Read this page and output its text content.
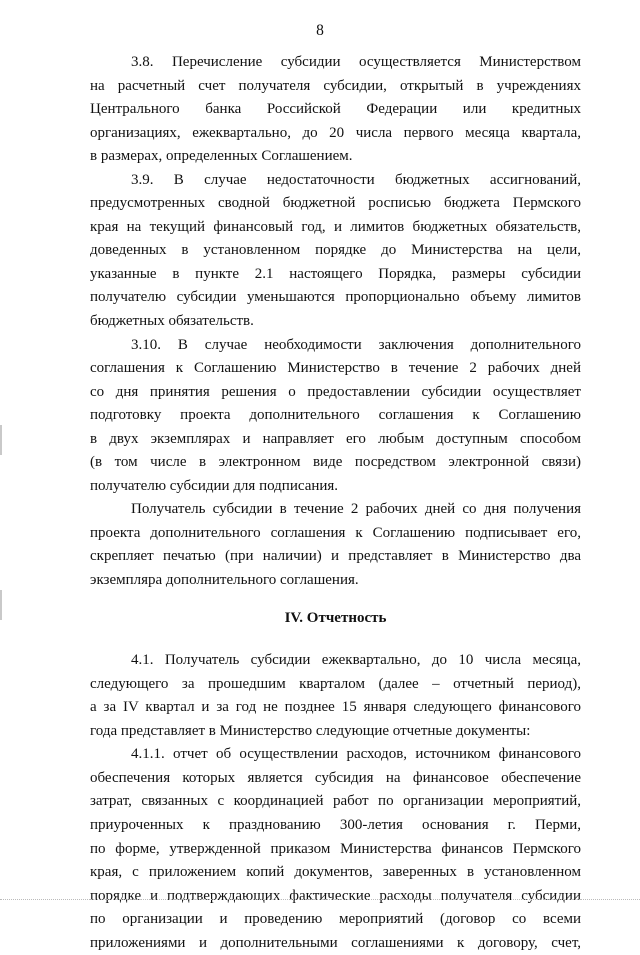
8
3.8. Перечисление субсидии осуществляется Министерством
на расчетный счет получателя субсидии, открытый в учреждениях
Центрального банка Российской Федерации или кредитных
организациях, ежеквартально, до 20 числа первого месяца квартала,
в размерах, определенных Соглашением.
3.9. В случае недостаточности бюджетных ассигнований,
предусмотренных сводной бюджетной росписью бюджета Пермского
края на текущий финансовый год, и лимитов бюджетных обязательств,
доведенных в установленном порядке до Министерства на цели,
указанные в пункте 2.1 настоящего Порядка, размеры субсидии
получателю субсидии уменьшаются пропорционально объему лимитов
бюджетных обязательств.
3.10. В случае необходимости заключения дополнительного
соглашения к Соглашению Министерство в течение 2 рабочих дней
со дня принятия решения о предоставлении субсидии осуществляет
подготовку проекта дополнительного соглашения к Соглашению
в двух экземплярах и направляет его любым доступным способом
(в том числе в электронном виде посредством электронной связи)
получателю субсидии для подписания.
Получатель субсидии в течение 2 рабочих дней со дня получения
проекта дополнительного соглашения к Соглашению подписывает его,
скрепляет печатью (при наличии) и представляет в Министерство два
экземпляра дополнительного соглашения.
IV. Отчетность
4.1. Получатель субсидии ежеквартально, до 10 числа месяца,
следующего за прошедшим кварталом (далее – отчетный период),
а за IV квартал и за год не позднее 15 января следующего финансового
года представляет в Министерство следующие отчетные документы:
4.1.1. отчет об осуществлении расходов, источником финансового
обеспечения которых является субсидия на финансовое обеспечение
затрат, связанных с координацией работ по организации мероприятий,
приуроченных к празднованию 300-летия основания г. Перми,
по форме, утвержденной приказом Министерства финансов Пермского
края, с приложением копий документов, заверенных в установленном
порядке и подтверждающих фактические расходы получателя субсидии
по организации и проведению мероприятий (договор со всеми
приложениями и дополнительными соглашениями к договору, счет,
